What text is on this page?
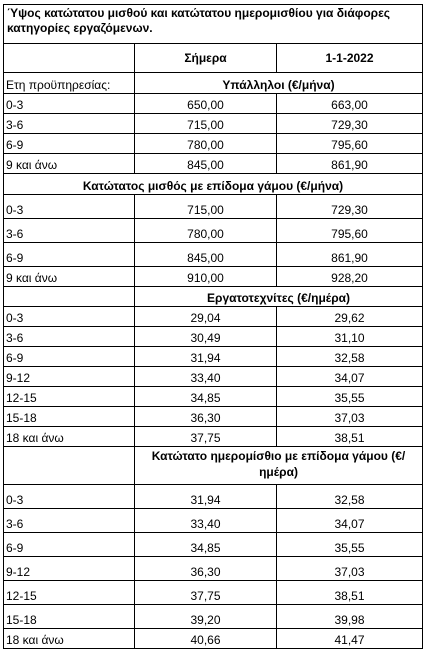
Ύψος κατώτατου μισθού και κατώτατου ημερομισθίου για διάφορες κατηγορίες εργαζόμενων.		
	Σήμερα	1-1-2022
Ετη προϋπηρεσίας:	Υπάλληλοι (€/μήνα)	
0-3	650,00	663,00
3-6	715,00	729,30
6-9	780,00	795,60
9 και άνω	845,00	861,90
Κατώτατος μισθός με επίδομα γάμου (€/μήνα)		
0-3	715,00	729,30
3-6	780,00	795,60
6-9	845,00	861,90
9 και άνω	910,00	928,20
	Εργατοτεχνίτες (€/ημέρα)	
0-3	29,04	29,62
3-6	30,49	31,10
6-9	31,94	32,58
9-12	33,40	34,07
12-15	34,85	35,55
15-18	36,30	37,03
18 και άνω	37,75	38,51
	Κατώτατο ημερομίσθιο με επίδομα γάμου (€/ ημέρα)	
0-3	31,94	32,58
3-6	33,40	34,07
6-9	34,85	35,55
9-12	36,30	37,03
12-15	37,75	38,51
15-18	39,20	39,98
18 και άνω	40,66	41,47
